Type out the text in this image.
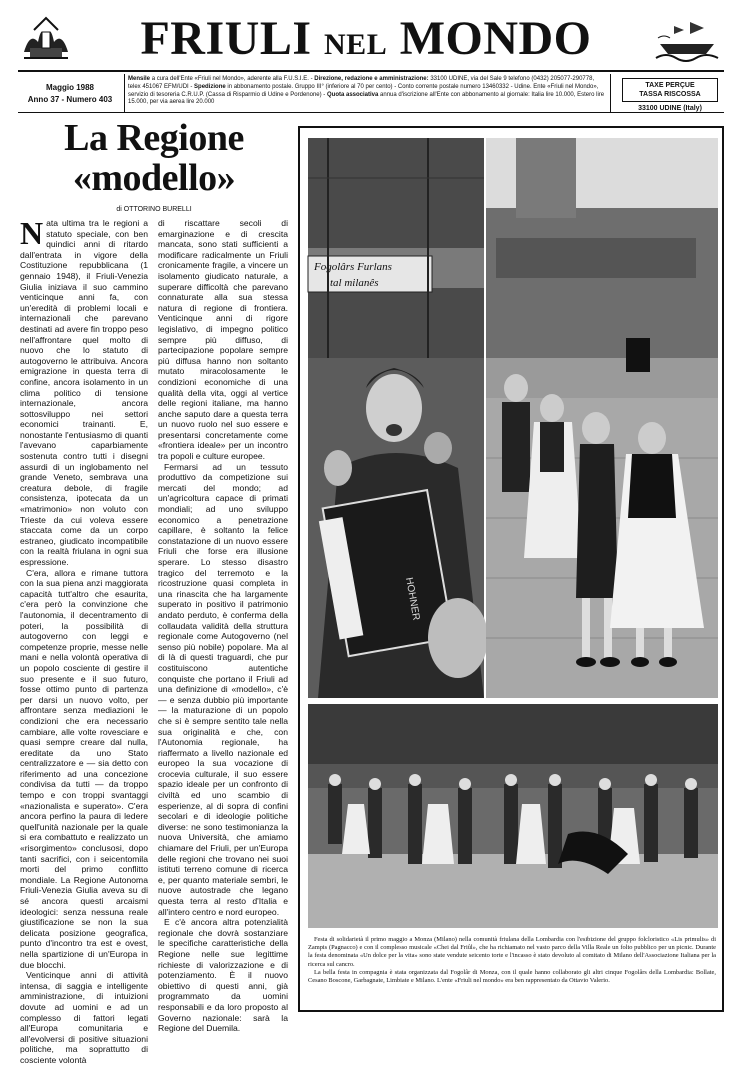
FRIULI NEL MONDO
Maggio 1988
Anno 37 - Numero 403
Mensile a cura dell'Ente «Friuli nel Mondo», aderente alla F.U.S.I.E. - Direzione, redazione e amministrazione: 33100 UDINE, via del Sale 9 telefono (0432) 205077-290778, telex 451067 EFM/UDI - Spedizione in abbonamento postale. Gruppo III° (inferiore al 70 per cento) - Conto corrente postale numero 13460332 - Udine. Ente «Friuli nel Mondo», servizio di tesoreria C.R.U.P. (Cassa di Risparmio di Udine e Pordenone) - Quota associativa annua d'iscrizione all'Ente con abbonamento al giornale: Italia lire 10.000, Estero lire 15.000, per via aerea lire 20.000
TAXE PERÇUE
TASSA RISCOSSA
33100 UDINE (Italy)
La Regione
«modello»
di OTTORINO BURELLI

Nata ultima tra le regioni a statuto speciale, con ben quindici anni di ritardo dall'entrata in vigore della Costituzione repubblicana (1 gennaio 1948), il Friuli-Venezia Giulia iniziava il suo cammino venticinque anni fa, con un'eredità di problemi locali e internazionali che parevano destinati ad avere fin troppo peso nell'affrontare quel molto di nuovo che lo statuto di autogoverno le attribuiva. Ancora emigrazione in questa terra di confine, ancora isolamento in un clima politico di tensione internazionale, ancora sottosviluppo nei settori economici trainanti. E, nonostante l'entusiasmo di quanti l'avevano caparbiamente sostenuta contro tutti i disegni assurdi di un inglobamento nel grande Veneto, sembrava una creatura debole, di fragile consistenza, ipotecata da un «matrimonio» non voluto con Trieste da cui voleva essere staccata come da un corpo estraneo, giudicato incompatibile con la realtà friulana in ogni sua espressione.

C'era, allora e rimane tuttora con la sua piena anzi maggiorata capacità tutt'altro che esaurita, c'era però la convinzione che l'autonomia, il decentramento di poteri, la possibilità di autogoverno con leggi e competenze proprie, messe nelle mani e nella volontà operativa di un popolo cosciente di gestire il suo presente e il suo futuro, fosse ottimo punto di partenza per darsi un nuovo volto, per affrontare senza mediazioni le condizioni che era necessario cambiare, alle volte rovesciare e quasi sempre creare dal nulla, ereditate da uno Stato centralizzatore e — sia detto con riferimento ad una concezione condivisa da tutti — da troppo tempo e con troppi svantaggi «nazionalista e superato». C'era ancora perfino la paura di ledere quell'unità nazionale per la quale si era combattuto e realizzato un «risorgimento» conclusosi, dopo tanti sacrifici, con i seicentomila morti del primo conflitto mondiale. La Regione Autonoma Friuli-Venezia Giulia aveva su di sé ancora questi arcaismi ideologici: senza nessuna reale giustificazione se non la sua delicata posizione geografica, punto d'incontro tra est e ovest, nella spartizione di un'Europa in due blocchi.

Venticinque anni di attività intensa, di saggia e intelligente amministrazione, di intuizioni dovute ad uomini e ad un complesso di fattori legati all'Europa comunitaria e all'evolversi di positive situazioni politiche, ma soprattutto di cosciente volontà

di riscattare secoli di emarginazione e di crescita mancata, sono stati sufficienti a modificare radicalmente un Friuli cronicamente fragile, a vincere un isolamento giudicato naturale, a superare difficoltà che parevano connaturate alla sua stessa natura di regione di frontiera. Venticinque anni di rigore legislativo, di impegno politico sempre più diffuso, di partecipazione popolare sempre più diffusa hanno non soltanto mutato miracolosamente le condizioni economiche di una qualità della vita, oggi al vertice delle regioni italiane, ma hanno anche saputo dare a questa terra un nuovo ruolo nel suo essere e presentarsi concretamente come «frontiera ideale» per un incontro tra popoli e culture europee.

Fermarsi ad un tessuto produttivo da competizione sui mercati del mondo; ad un'agricoltura capace di primati mondiali; ad uno sviluppo economico a penetrazione capillare, è soltanto la felice constatazione di un nuovo essere Friuli che forse era illusione sperare. Lo stesso disastro tragico del terremoto e la ricostruzione quasi completa in una rinascita che ha largamente superato in positivo il patrimonio andato perduto, è conferma della collaudata validità della struttura regionale come Autogoverno (nel senso più nobile) popolare. Ma al di là di questi traguardi, che pur costituiscono autentiche conquiste che portano il Friuli ad una definizione di «modello», c'è — e senza dubbio più importante — la maturazione di un popolo che si è sempre sentito tale nella sua originalità e che, con l'Autonomia regionale, ha riaffermato a livello nazionale ed europeo la sua vocazione di crocevia culturale, il suo essere spazio ideale per un confronto di civiltà ed uno scambio di esperienze, al di sopra di confini secolari e di ideologie politiche diverse: ne sono testimonianza la nuova Università, che amiamo chiamare del Friuli, per un'Europa delle regioni che trovano nei suoi istituti terreno comune di ricerca e, per quanto materiale sembri, le nuove autostrade che legano questa terra al resto d'Italia e all'intero centro e nord europeo.

E c'è ancora altra potenzialità regionale che dovrà sostanziare le specifiche caratteristiche della Regione nelle sue legittime richieste di valorizzazione e di potenziamento. È il nuovo obiettivo di questi anni, già programmato da uomini responsabili e da loro proposto al Governo nazionale: sarà la Regione del Duemila.

Fogolârs Furlans
tal milanês
HOHNER

Festa di solidarietà il primo maggio a Monza (Milano) nella comunità friulana della Lombardia con l'esibizione del gruppo folcloristico «Lis primulis» di Zampis (Pagnacco) e con il complesso musicale «Chei dal Friûl», che ha richiamato nel vasto parco della Villa Reale un folto pubblico per un picnic. Durante la festa denominata «Un dolce per la vita» sono state vendute seicento torte e l'incasso è stato devoluto al comitato di Milano dell'Associazione Italiana per la ricerca sul cancro.

La bella festa in compagnia è stata organizzata dal Fogolâr di Monza, con il quale hanno collaborato gli altri cinque Fogolârs della Lombardia: Bollate, Cesano Boscone, Garbagnate, Limbiate e Milano. L'ente «Friuli nel mondo» era ben rappresentato da Ottavio Valerio.
